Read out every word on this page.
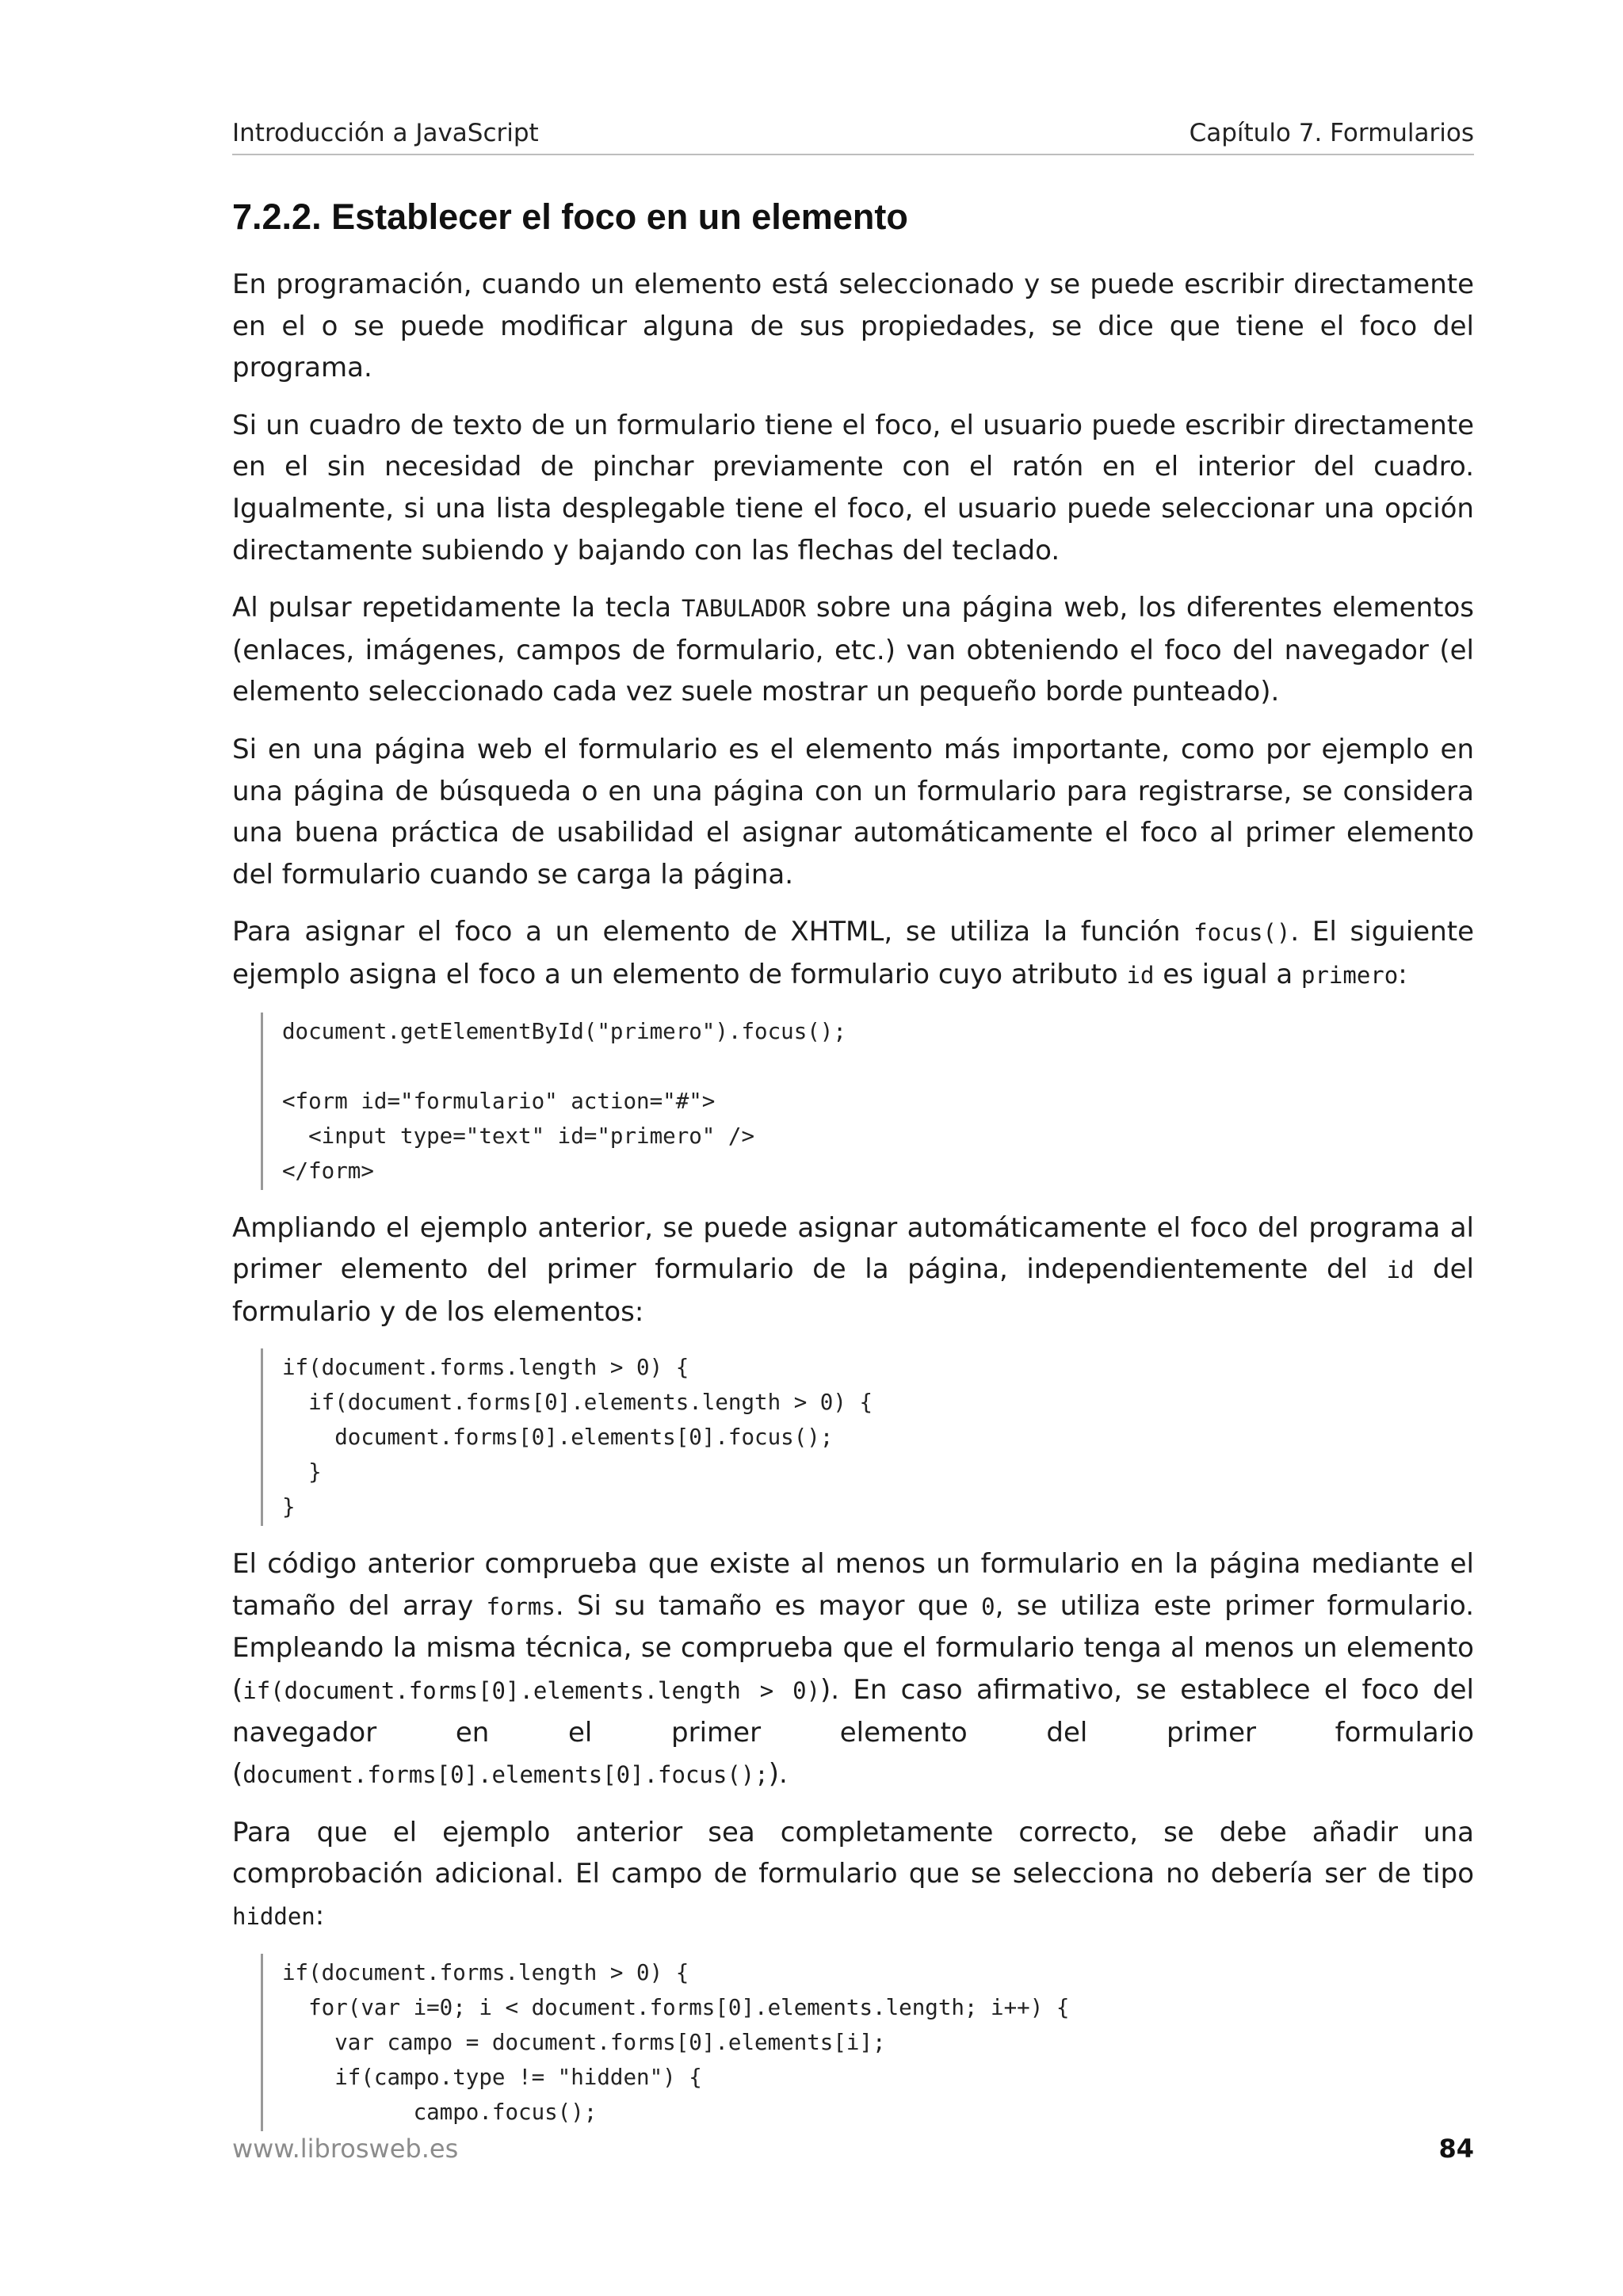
Introducción a JavaScript	Capítulo 7. Formularios
7.2.2. Establecer el foco en un elemento

En programación, cuando un elemento está seleccionado y se puede escribir directamente en el o se puede modificar alguna de sus propiedades, se dice que tiene el foco del programa.

Si un cuadro de texto de un formulario tiene el foco, el usuario puede escribir directamente en el sin necesidad de pinchar previamente con el ratón en el interior del cuadro. Igualmente, si una lista desplegable tiene el foco, el usuario puede seleccionar una opción directamente subiendo y bajando con las flechas del teclado.

Al pulsar repetidamente la tecla TABULADOR sobre una página web, los diferentes elementos (enlaces, imágenes, campos de formulario, etc.) van obteniendo el foco del navegador (el elemento seleccionado cada vez suele mostrar un pequeño borde punteado).

Si en una página web el formulario es el elemento más importante, como por ejemplo en una página de búsqueda o en una página con un formulario para registrarse, se considera una buena práctica de usabilidad el asignar automáticamente el foco al primer elemento del formulario cuando se carga la página.

Para asignar el foco a un elemento de XHTML, se utiliza la función focus(). El siguiente ejemplo asigna el foco a un elemento de formulario cuyo atributo id es igual a primero:

document.getElementById("primero").focus();
<form id="formulario" action="#">
<input type="text" id="primero" />
</form>

Ampliando el ejemplo anterior, se puede asignar automáticamente el foco del programa al primer elemento del primer formulario de la página, independientemente del id del formulario y de los elementos:

if(document.forms.length > 0) {
if(document.forms[0].elements.length > 0) {
document.forms[0].elements[0].focus();
}
}

El código anterior comprueba que existe al menos un formulario en la página mediante el tamaño del array forms. Si su tamaño es mayor que 0, se utiliza este primer formulario. Empleando la misma técnica, se comprueba que el formulario tenga al menos un elemento (if(document.forms[0].elements.length > 0)). En caso afirmativo, se establece el foco del navegador en el primer elemento del primer formulario (document.forms[0].elements[0].focus();).

Para que el ejemplo anterior sea completamente correcto, se debe añadir una comprobación adicional. El campo de formulario que se selecciona no debería ser de tipo hidden:

if(document.forms.length > 0) {
for(var i=0; i < document.forms[0].elements.length; i++) {
var campo = document.forms[0].elements[i];
if(campo.type != "hidden") {
campo.focus();
www.librosweb.es	84
